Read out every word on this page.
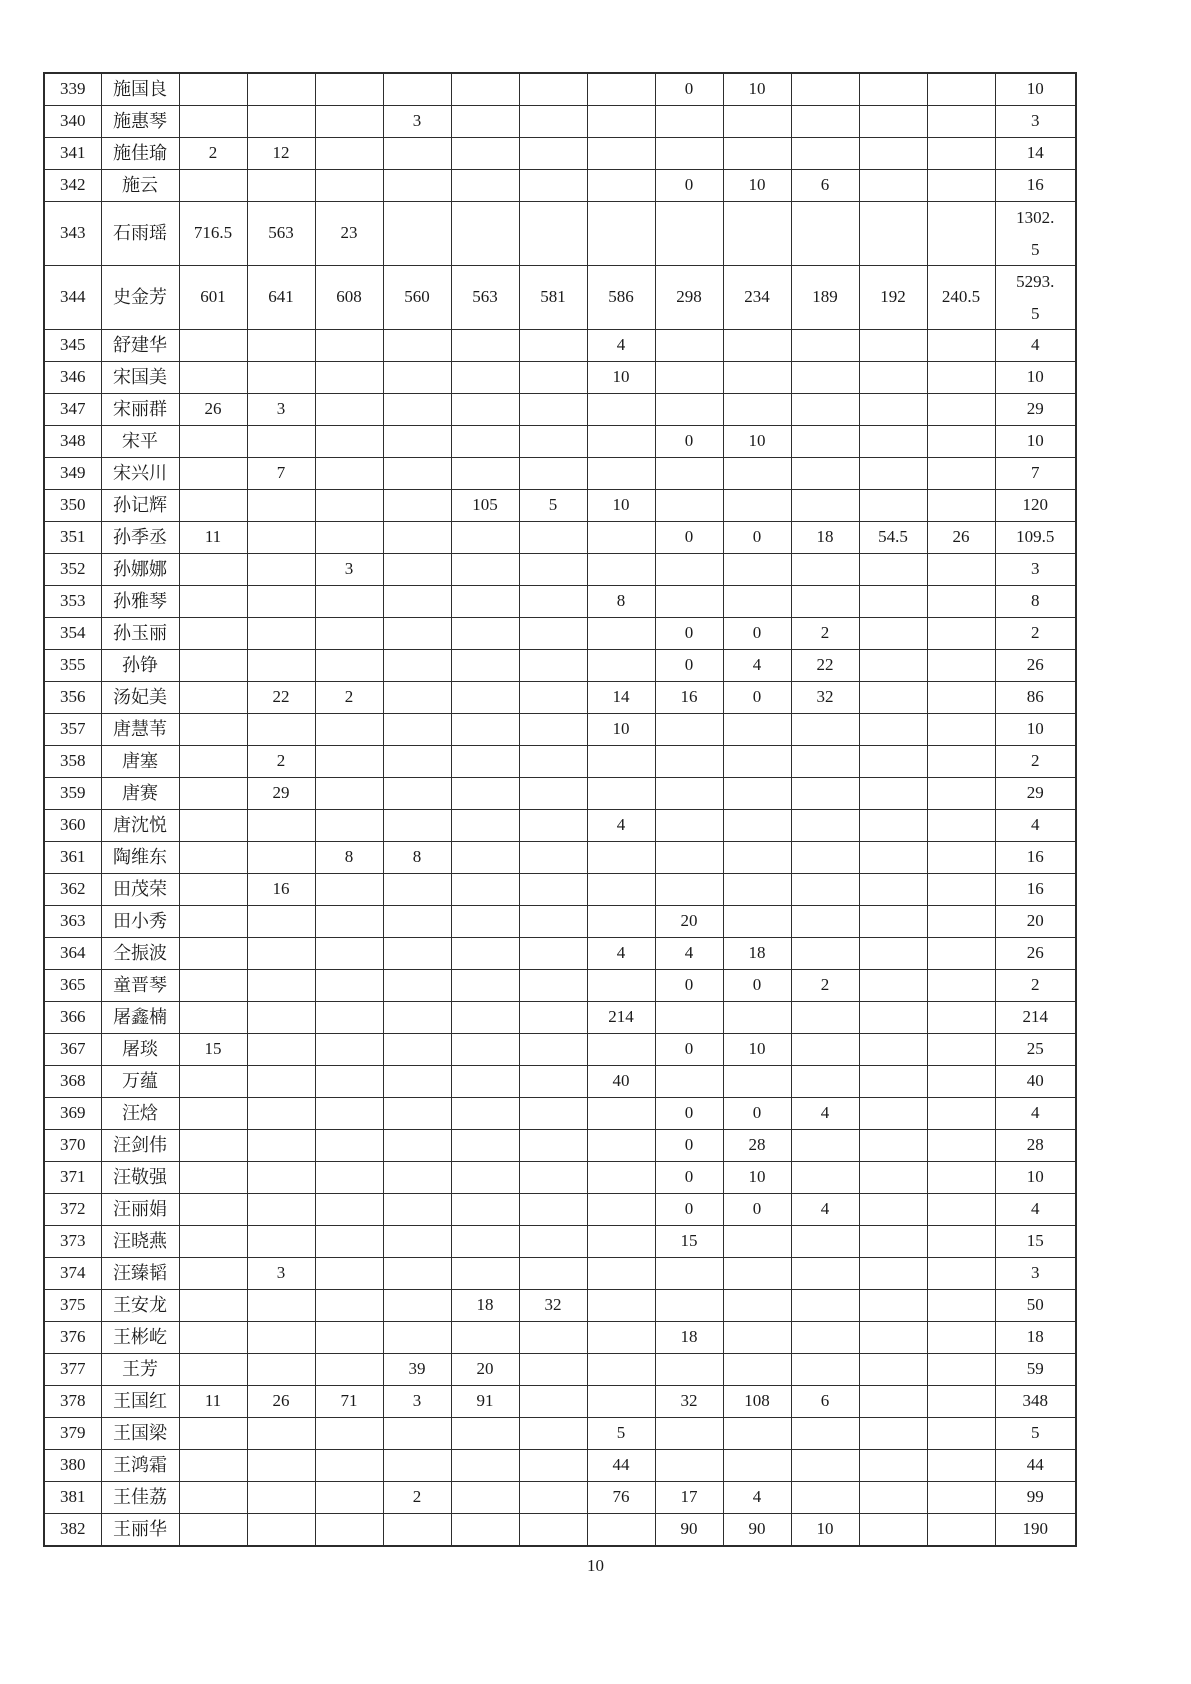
339	施国良								0	10				10
340	施惠琴				3									3
341	施佳瑜	2	12											14
342	施云								0	10	6			16
343	石雨瑶	716.5	563	23										1302.5
344	史金芳	601	641	608	560	563	581	586	298	234	189	192	240.5	5293.5
345	舒建华							4						4
346	宋国美							10						10
347	宋丽群	26	3											29
348	宋平								0	10				10
349	宋兴川		7											7
350	孙记辉					105	5	10						120
351	孙季丞	11							0	0	18	54.5	26	109.5
352	孙娜娜			3										3
353	孙雅琴							8						8
354	孙玉丽								0	0	2			2
355	孙铮								0	4	22			26
356	汤妃美		22	2				14	16	0	32			86
357	唐慧苇							10						10
358	唐塞		2											2
359	唐赛		29											29
360	唐沈悦							4						4
361	陶维东			8	8									16
362	田茂荣		16											16
363	田小秀								20					20
364	仝振波							4	4	18				26
365	童晋琴								0	0	2			2
366	屠鑫楠							214						214
367	屠琰	15							0	10				25
368	万蕴							40						40
369	汪焓								0	0	4			4
370	汪剑伟								0	28				28
371	汪敬强								0	10				10
372	汪丽娟								0	0	4			4
373	汪晓燕								15					15
374	汪臻韬		3											3
375	王安龙					18	32							50
376	王彬屹								18					18
377	王芳				39	20								59
378	王国红	11	26	71	3	91			32	108	6			348
379	王国梁							5						5
380	王鸿霜							44						44
381	王佳荔				2			76	17	4				99
382	王丽华								90	90	10			190
10
